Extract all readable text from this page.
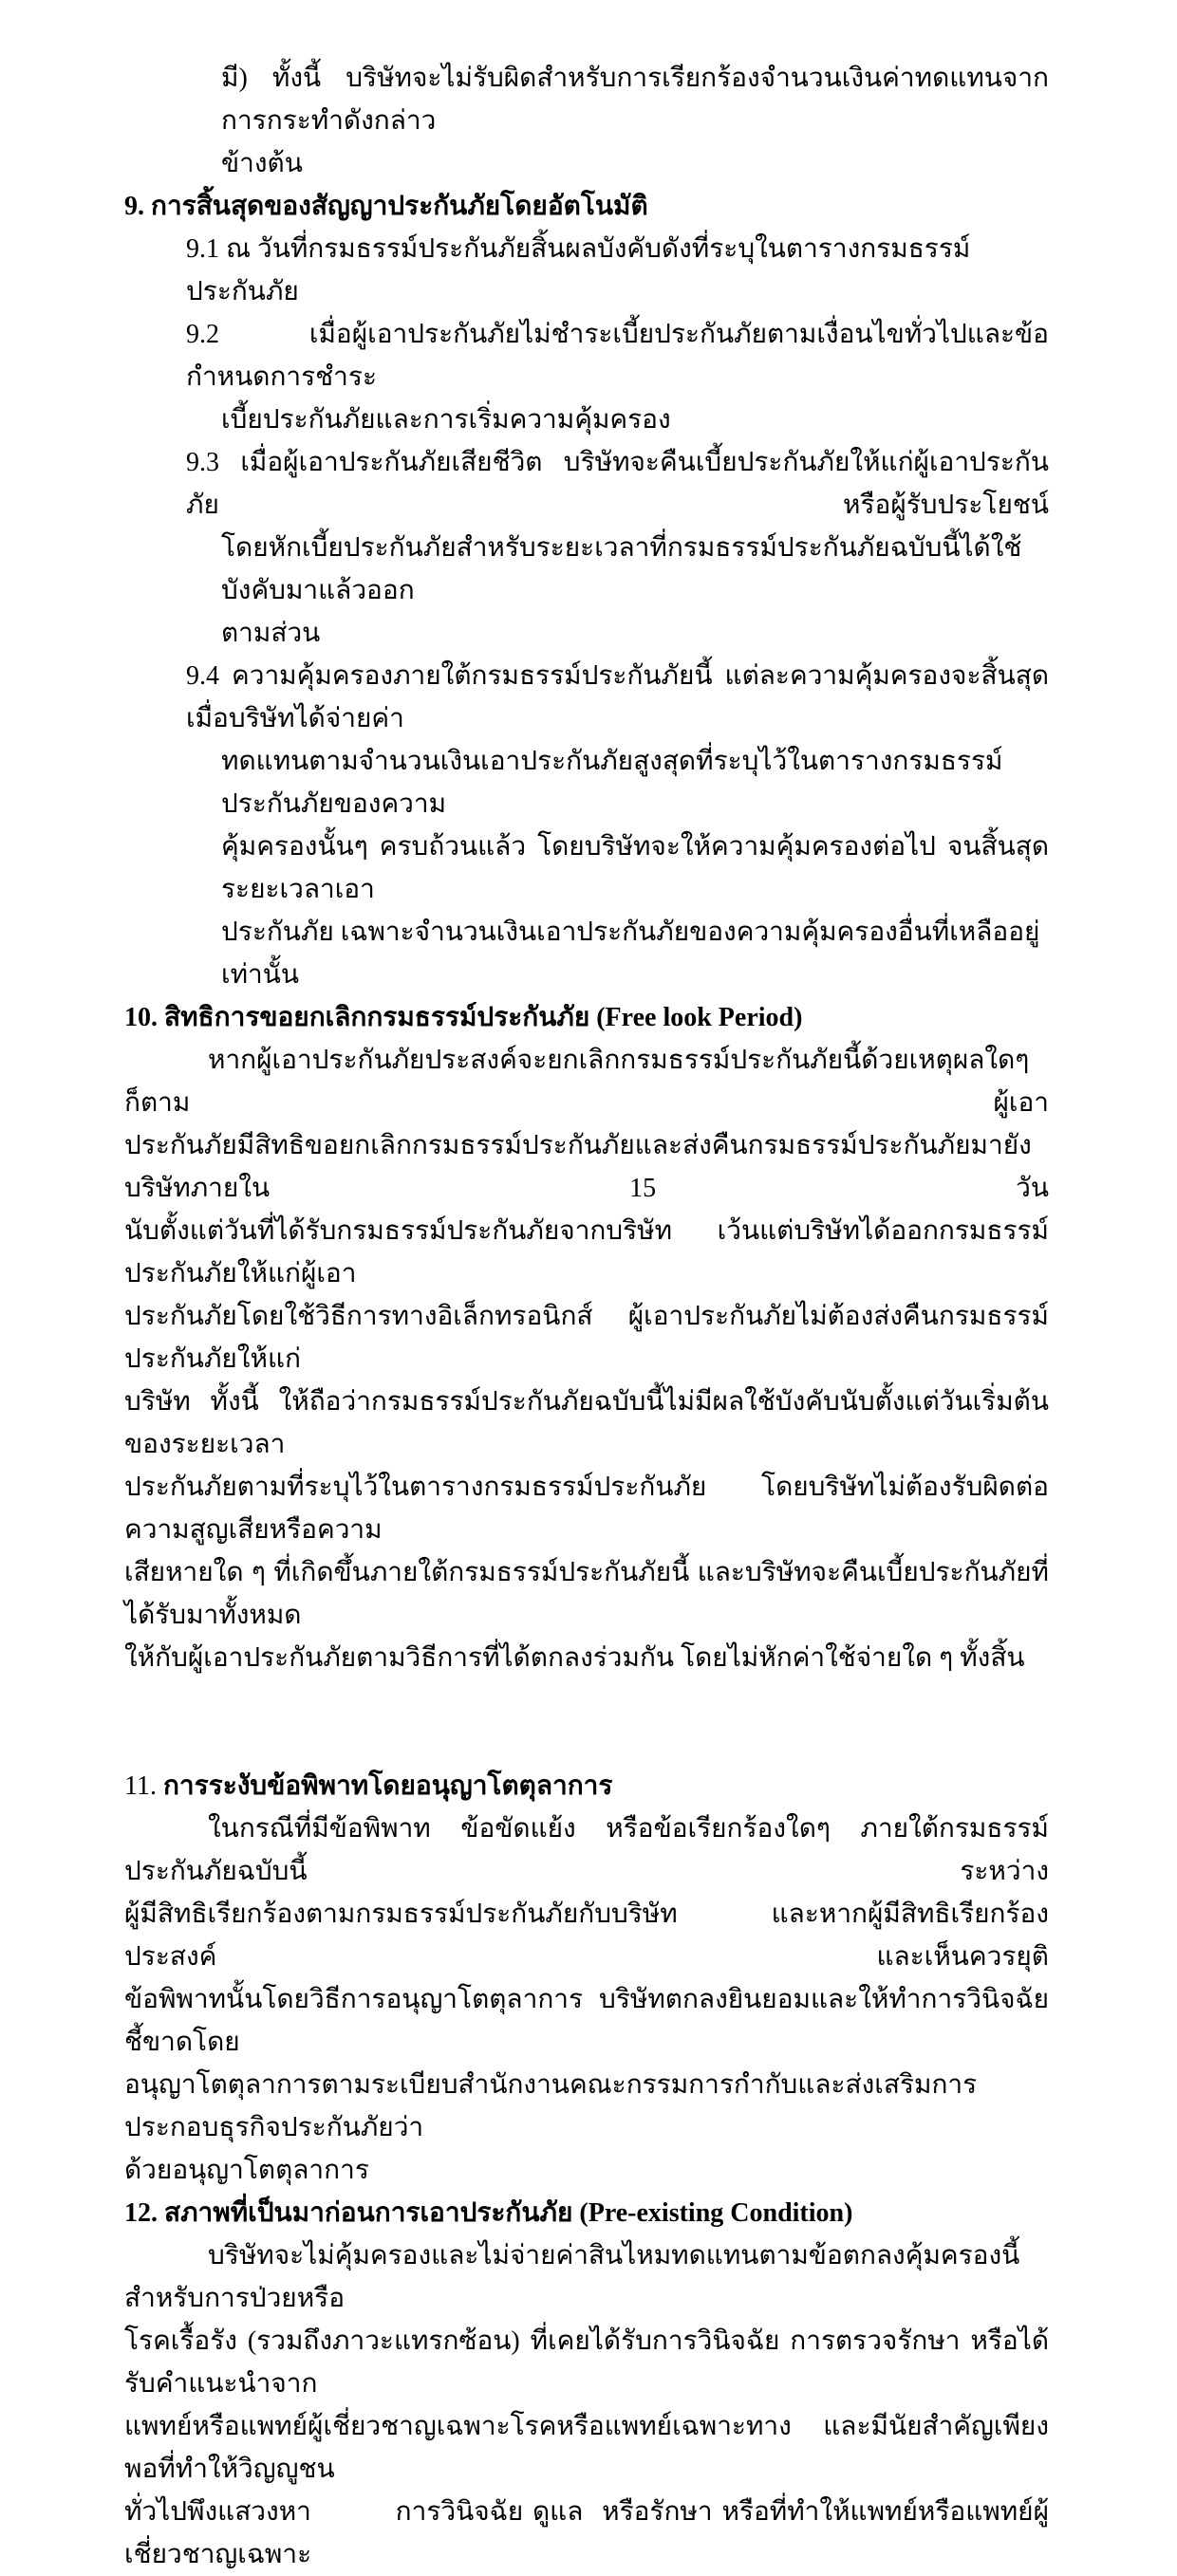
มี) ทั้งนี้ บริษัทจะไม่รับผิดสำหรับการเรียกร้องจำนวนเงินค่าทดแทนจากการกระทำดังกล่าว
ข้างต้น
9. การสิ้นสุดของสัญญาประกันภัยโดยอัตโนมัติ
9.1 ณ วันที่กรมธรรม์ประกันภัยสิ้นผลบังคับดังที่ระบุในตารางกรมธรรม์ประกันภัย
9.2 เมื่อผู้เอาประกันภัยไม่ชำระเบี้ยประกันภัยตามเงื่อนไขทั่วไปและข้อกำหนดการชำระ
เบี้ยประกันภัยและการเริ่มความคุ้มครอง
9.3 เมื่อผู้เอาประกันภัยเสียชีวิต บริษัทจะคืนเบี้ยประกันภัยให้แก่ผู้เอาประกันภัย หรือผู้รับประโยชน์
โดยหักเบี้ยประกันภัยสำหรับระยะเวลาที่กรมธรรม์ประกันภัยฉบับนี้ได้ใช้บังคับมาแล้วออก
ตามส่วน
9.4 ความคุ้มครองภายใต้กรมธรรม์ประกันภัยนี้ แต่ละความคุ้มครองจะสิ้นสุดเมื่อบริษัทได้จ่ายค่า
ทดแทนตามจำนวนเงินเอาประกันภัยสูงสุดที่ระบุไว้ในตารางกรมธรรม์ประกันภัยของความ
คุ้มครองนั้นๆ ครบถ้วนแล้ว โดยบริษัทจะให้ความคุ้มครองต่อไป จนสิ้นสุดระยะเวลาเอา
ประกันภัย เฉพาะจำนวนเงินเอาประกันภัยของความคุ้มครองอื่นที่เหลืออยู่เท่านั้น
10. สิทธิการขอยกเลิกกรมธรรม์ประกันภัย (Free look Period)
หากผู้เอาประกันภัยประสงค์จะยกเลิกกรมธรรม์ประกันภัยนี้ด้วยเหตุผลใดๆ ก็ตาม ผู้เอา
ประกันภัยมีสิทธิขอยกเลิกกรมธรรม์ประกันภัยและส่งคืนกรมธรรม์ประกันภัยมายังบริษัทภายใน 15 วัน
นับตั้งแต่วันที่ได้รับกรมธรรม์ประกันภัยจากบริษัท เว้นแต่บริษัทได้ออกกรมธรรม์ประกันภัยให้แก่ผู้เอา
ประกันภัยโดยใช้วิธีการทางอิเล็กทรอนิกส์ ผู้เอาประกันภัยไม่ต้องส่งคืนกรมธรรม์ประกันภัยให้แก่
บริษัท ทั้งนี้ ให้ถือว่ากรมธรรม์ประกันภัยฉบับนี้ไม่มีผลใช้บังคับนับตั้งแต่วันเริ่มต้นของระยะเวลา
ประกันภัยตามที่ระบุไว้ในตารางกรมธรรม์ประกันภัย โดยบริษัทไม่ต้องรับผิดต่อความสูญเสียหรือความ
เสียหายใด ๆ ที่เกิดขึ้นภายใต้กรมธรรม์ประกันภัยนี้ และบริษัทจะคืนเบี้ยประกันภัยที่ได้รับมาทั้งหมด
ให้กับผู้เอาประกันภัยตามวิธีการที่ได้ตกลงร่วมกัน โดยไม่หักค่าใช้จ่ายใด ๆ ทั้งสิ้น
11. การระงับข้อพิพาทโดยอนุญาโตตุลาการ
ในกรณีที่มีข้อพิพาท ข้อขัดแย้ง หรือข้อเรียกร้องใดๆ ภายใต้กรมธรรม์ประกันภัยฉบับนี้ ระหว่าง
ผู้มีสิทธิเรียกร้องตามกรมธรรม์ประกันภัยกับบริษัท และหากผู้มีสิทธิเรียกร้องประสงค์ และเห็นควรยุติ
ข้อพิพาทนั้นโดยวิธีการอนุญาโตตุลาการ บริษัทตกลงยินยอมและให้ทำการวินิจฉัยชี้ขาดโดย
อนุญาโตตุลาการตามระเบียบสำนักงานคณะกรรมการกำกับและส่งเสริมการประกอบธุรกิจประกันภัยว่า
ด้วยอนุญาโตตุลาการ
12. สภาพที่เป็นมาก่อนการเอาประกันภัย (Pre-existing Condition)
บริษัทจะไม่คุ้มครองและไม่จ่ายค่าสินไหมทดแทนตามข้อตกลงคุ้มครองนี้สำหรับการป่วยหรือ
โรคเรื้อรัง (รวมถึงภาวะแทรกซ้อน) ที่เคยได้รับการวินิจฉัย การตรวจรักษา หรือได้รับคำแนะนำจาก
แพทย์หรือแพทย์ผู้เชี่ยวชาญเฉพาะโรคหรือแพทย์เฉพาะทาง และมีนัยสำคัญเพียงพอที่ทำให้วิญญูชน
ทั่วไปพึงแสวงหา         การวินิจฉัย ดูแล  หรือรักษา หรือที่ทำให้แพทย์หรือแพทย์ผู้เชี่ยวชาญเฉพาะ
